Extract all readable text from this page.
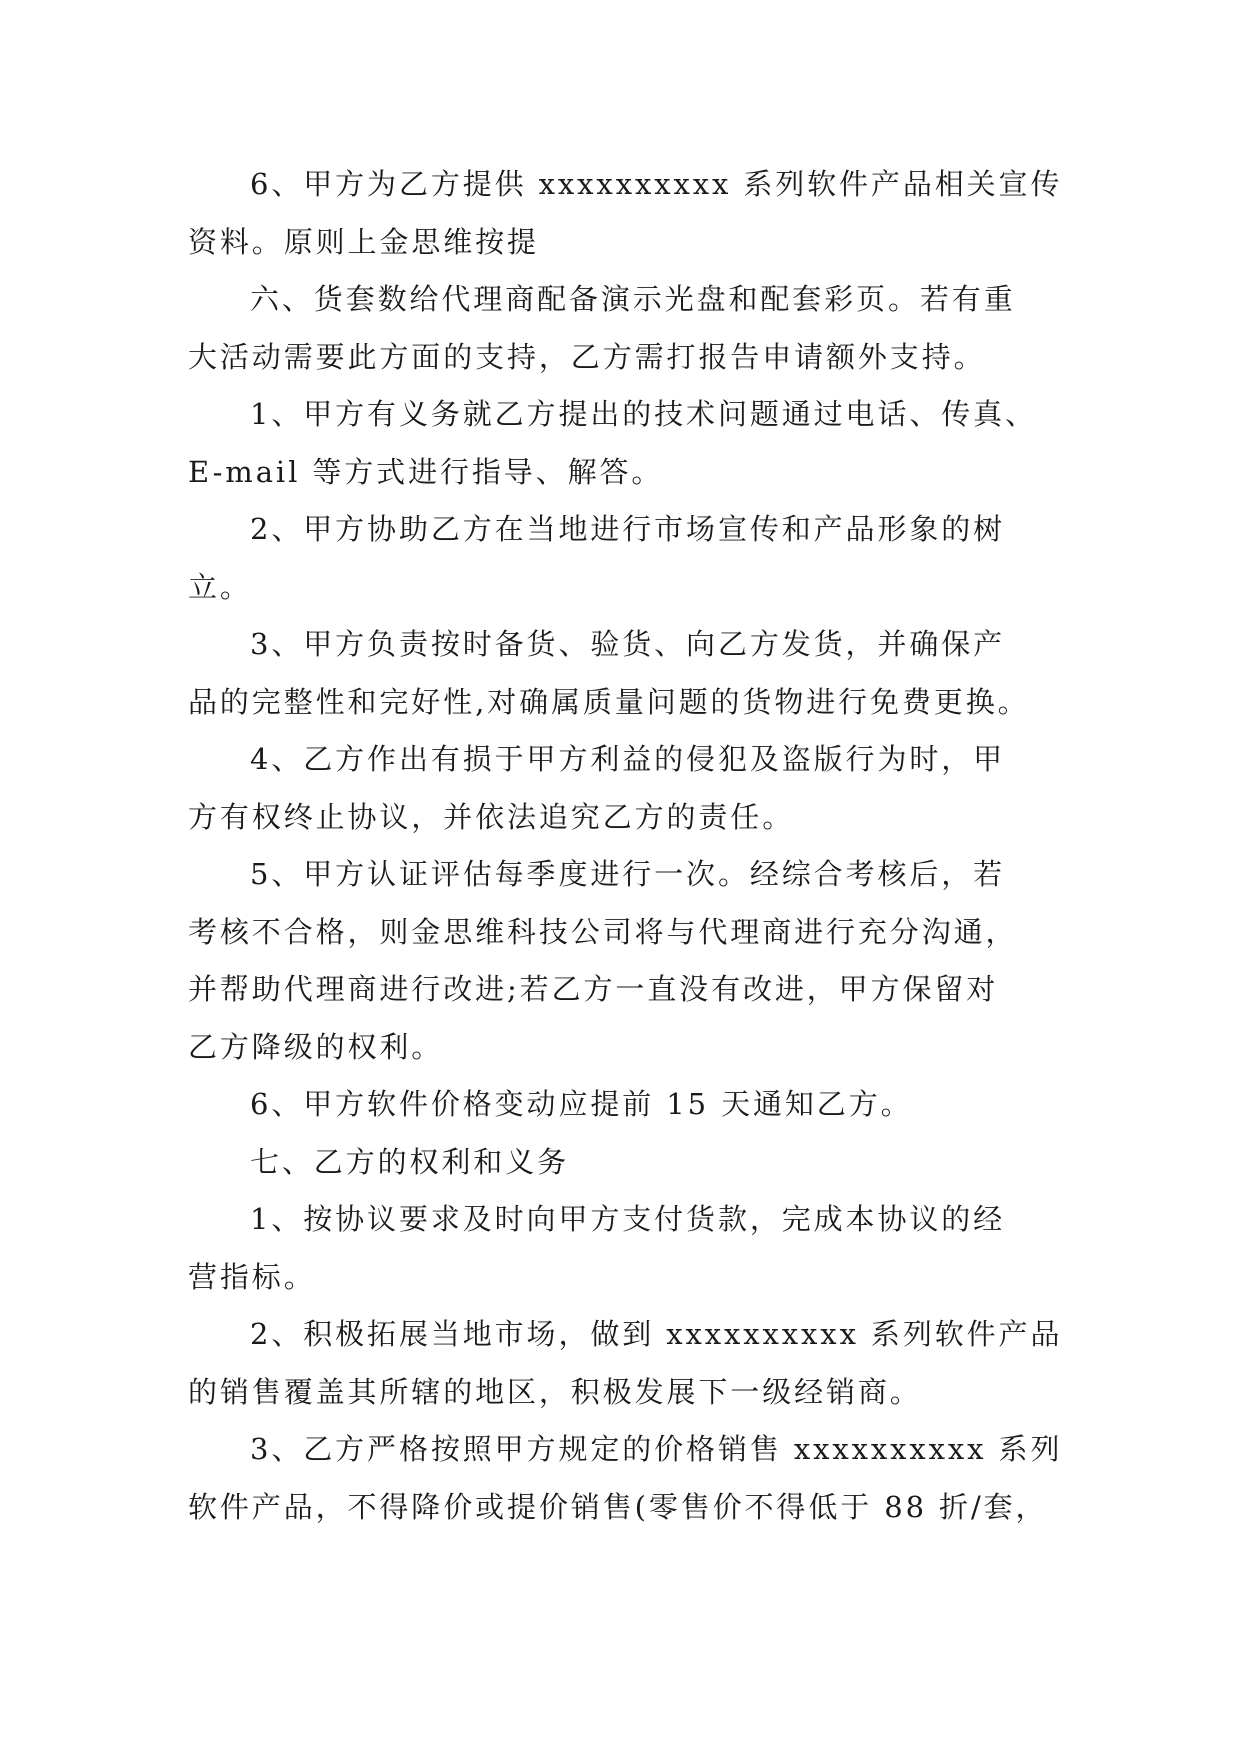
6、甲方为乙方提供 xxxxxxxxxx 系列软件产品相关宣传
资料。原则上金思维按提
六、货套数给代理商配备演示光盘和配套彩页。若有重
大活动需要此方面的支持，乙方需打报告申请额外支持。
1、甲方有义务就乙方提出的技术问题通过电话、传真、
E-mail 等方式进行指导、解答。
2、甲方协助乙方在当地进行市场宣传和产品形象的树
立。
3、甲方负责按时备货、验货、向乙方发货，并确保产
品的完整性和完好性,对确属质量问题的货物进行免费更换。
4、乙方作出有损于甲方利益的侵犯及盗版行为时，甲
方有权终止协议，并依法追究乙方的责任。
5、甲方认证评估每季度进行一次。经综合考核后，若
考核不合格，则金思维科技公司将与代理商进行充分沟通，
并帮助代理商进行改进;若乙方一直没有改进，甲方保留对
乙方降级的权利。
6、甲方软件价格变动应提前 15 天通知乙方。
七、乙方的权利和义务
1、按协议要求及时向甲方支付货款，完成本协议的经
营指标。
2、积极拓展当地市场，做到 xxxxxxxxxx 系列软件产品
的销售覆盖其所辖的地区，积极发展下一级经销商。
3、乙方严格按照甲方规定的价格销售 xxxxxxxxxx 系列
软件产品，不得降价或提价销售(零售价不得低于 88 折/套，
